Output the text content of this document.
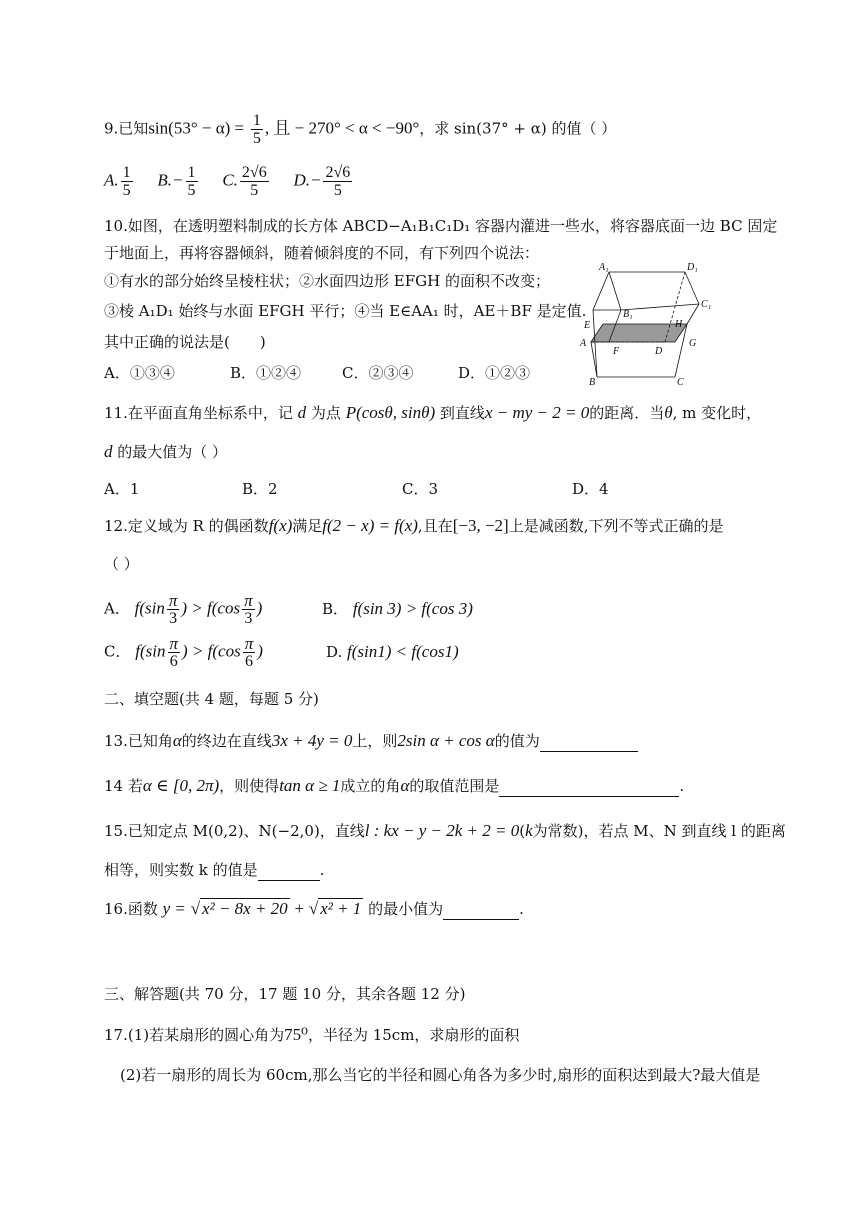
9.已知$\sin(53^\circ - \alpha) = \frac{1}{5}$ , 且 − 270° < α < −90°，求 sin(37° + α) 的值（ ）
A. $\frac{1}{5} B.- \frac{1}{5} C$. $\frac{2√6}{5} D.- \frac{2√6}{5}$
10.如图，在透明塑料制成的长方体 ABCD−A₁B₁C₁D₁ 容器内灌进一些水，将容器底面一边 BC 固定
于地面上，再将容器倾斜，随着倾斜度的不同，有下列四个说法：
①有水的部分始终呈棱柱状；②水面四边形 EFGH 的面积不改变；
③棱 A₁D₁ 始终与水面 EFGH 平行；④当 E∈AA₁ 时，AE＋BF 是定值.
其中正确的说法是(　　)
A．①③④	B．①②④	C．②③④	D．①②③
A₁	D₁
B₁
C₁
E	H
A
F	D
G
B	C
11.在平面直角坐标系中，记 d 为点 P(cosθ, sinθ) 到直线x − my − 2 = 0的距离．当θ, m 变化时，
d 的最大值为（ ）
A．1	B．2	C．3	D．4
12.定义域为 R 的偶函数f(x)满足f(2 − x) = f(x),且在[−3, −2]上是减函数,下列不等式正确的是
（ ）
A． $f(\sin \frac{\pi}{3}$ ) > $f(\cos \frac{\pi}{3}$ )	B． f(sin 3) > f(cos 3)
C． $f(\sin \frac{\pi}{6}$ ) > $f(\cos \frac{\pi}{6}$ )	D. f(sin1) < f(cos1)
二、填空题(共 4 题，每题 5 分)
13.已知角α的终边在直线3x + 4y = 0上，则2sin α + cos α的值为
14 若α ∈ [0, 2π)，则使得tan α ≥ 1成立的角α的取值范围是	.
15.已知定点 M(0,2)、N(−2,0)，直线l : kx − y − 2k + 2 = 0(k为常数)，若点 M、N 到直线 l 的距离
相等，则实数 k 的值是	.
16.函数 y = √ x² − 8x + 20 + √ x² + 1 的最小值为	.
三、解答题(共 70 分，17 题 10 分，其余各题 12 分)
17.(1)若某扇形的圆心角为75⁰，半径为 15cm，求扇形的面积
(2)若一扇形的周长为 60cm,那么当它的半径和圆心角各为多少时,扇形的面积达到最大?最大值是
